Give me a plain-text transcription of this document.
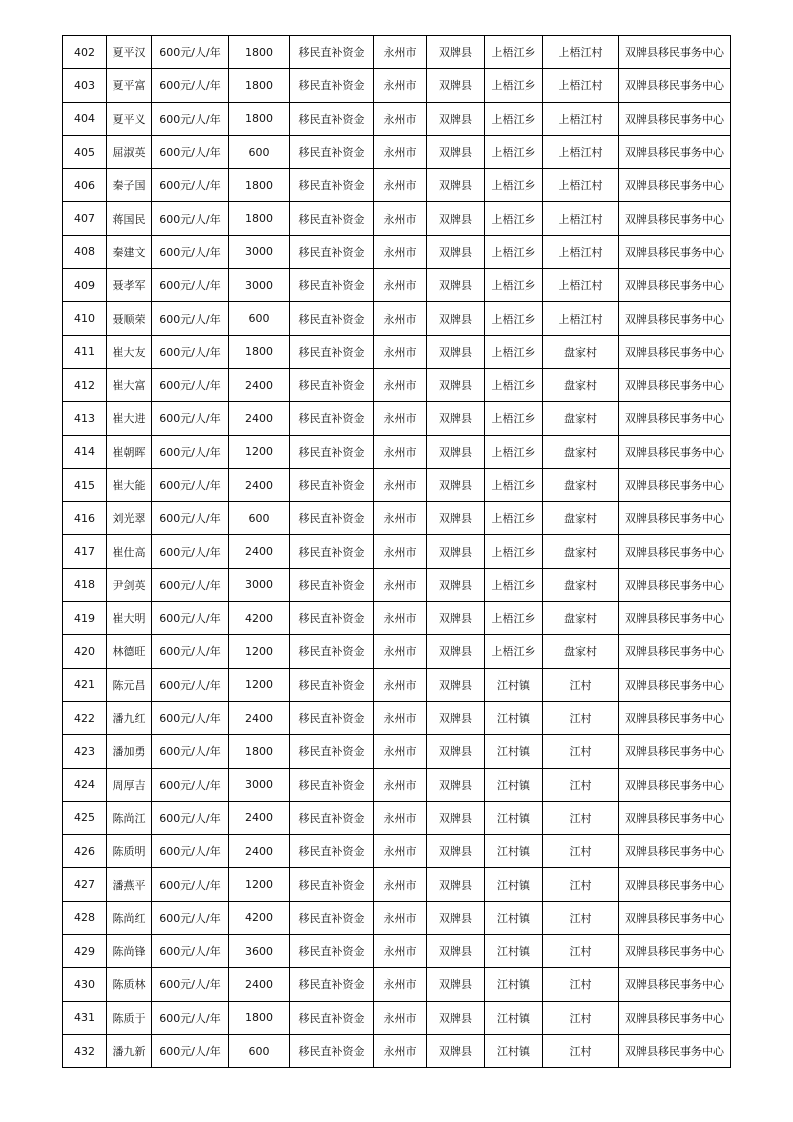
402	夏平汉	600元/人/年	1800	移民直补资金	永州市	双牌县	上梧江乡	上梧江村	双牌县移民事务中心
403	夏平富	600元/人/年	1800	移民直补资金	永州市	双牌县	上梧江乡	上梧江村	双牌县移民事务中心
404	夏平义	600元/人/年	1800	移民直补资金	永州市	双牌县	上梧江乡	上梧江村	双牌县移民事务中心
405	屈淑英	600元/人/年	600	移民直补资金	永州市	双牌县	上梧江乡	上梧江村	双牌县移民事务中心
406	秦子国	600元/人/年	1800	移民直补资金	永州市	双牌县	上梧江乡	上梧江村	双牌县移民事务中心
407	蒋国民	600元/人/年	1800	移民直补资金	永州市	双牌县	上梧江乡	上梧江村	双牌县移民事务中心
408	秦建文	600元/人/年	3000	移民直补资金	永州市	双牌县	上梧江乡	上梧江村	双牌县移民事务中心
409	聂孝军	600元/人/年	3000	移民直补资金	永州市	双牌县	上梧江乡	上梧江村	双牌县移民事务中心
410	聂顺荣	600元/人/年	600	移民直补资金	永州市	双牌县	上梧江乡	上梧江村	双牌县移民事务中心
411	崔大友	600元/人/年	1800	移民直补资金	永州市	双牌县	上梧江乡	盘家村	双牌县移民事务中心
412	崔大富	600元/人/年	2400	移民直补资金	永州市	双牌县	上梧江乡	盘家村	双牌县移民事务中心
413	崔大进	600元/人/年	2400	移民直补资金	永州市	双牌县	上梧江乡	盘家村	双牌县移民事务中心
414	崔朝晖	600元/人/年	1200	移民直补资金	永州市	双牌县	上梧江乡	盘家村	双牌县移民事务中心
415	崔大能	600元/人/年	2400	移民直补资金	永州市	双牌县	上梧江乡	盘家村	双牌县移民事务中心
416	刘光翠	600元/人/年	600	移民直补资金	永州市	双牌县	上梧江乡	盘家村	双牌县移民事务中心
417	崔仕高	600元/人/年	2400	移民直补资金	永州市	双牌县	上梧江乡	盘家村	双牌县移民事务中心
418	尹剑英	600元/人/年	3000	移民直补资金	永州市	双牌县	上梧江乡	盘家村	双牌县移民事务中心
419	崔大明	600元/人/年	4200	移民直补资金	永州市	双牌县	上梧江乡	盘家村	双牌县移民事务中心
420	林德旺	600元/人/年	1200	移民直补资金	永州市	双牌县	上梧江乡	盘家村	双牌县移民事务中心
421	陈元昌	600元/人/年	1200	移民直补资金	永州市	双牌县	江村镇	江村	双牌县移民事务中心
422	潘九红	600元/人/年	2400	移民直补资金	永州市	双牌县	江村镇	江村	双牌县移民事务中心
423	潘加勇	600元/人/年	1800	移民直补资金	永州市	双牌县	江村镇	江村	双牌县移民事务中心
424	周厚吉	600元/人/年	3000	移民直补资金	永州市	双牌县	江村镇	江村	双牌县移民事务中心
425	陈尚江	600元/人/年	2400	移民直补资金	永州市	双牌县	江村镇	江村	双牌县移民事务中心
426	陈质明	600元/人/年	2400	移民直补资金	永州市	双牌县	江村镇	江村	双牌县移民事务中心
427	潘燕平	600元/人/年	1200	移民直补资金	永州市	双牌县	江村镇	江村	双牌县移民事务中心
428	陈尚红	600元/人/年	4200	移民直补资金	永州市	双牌县	江村镇	江村	双牌县移民事务中心
429	陈尚锋	600元/人/年	3600	移民直补资金	永州市	双牌县	江村镇	江村	双牌县移民事务中心
430	陈质林	600元/人/年	2400	移民直补资金	永州市	双牌县	江村镇	江村	双牌县移民事务中心
431	陈质于	600元/人/年	1800	移民直补资金	永州市	双牌县	江村镇	江村	双牌县移民事务中心
432	潘九新	600元/人/年	600	移民直补资金	永州市	双牌县	江村镇	江村	双牌县移民事务中心
